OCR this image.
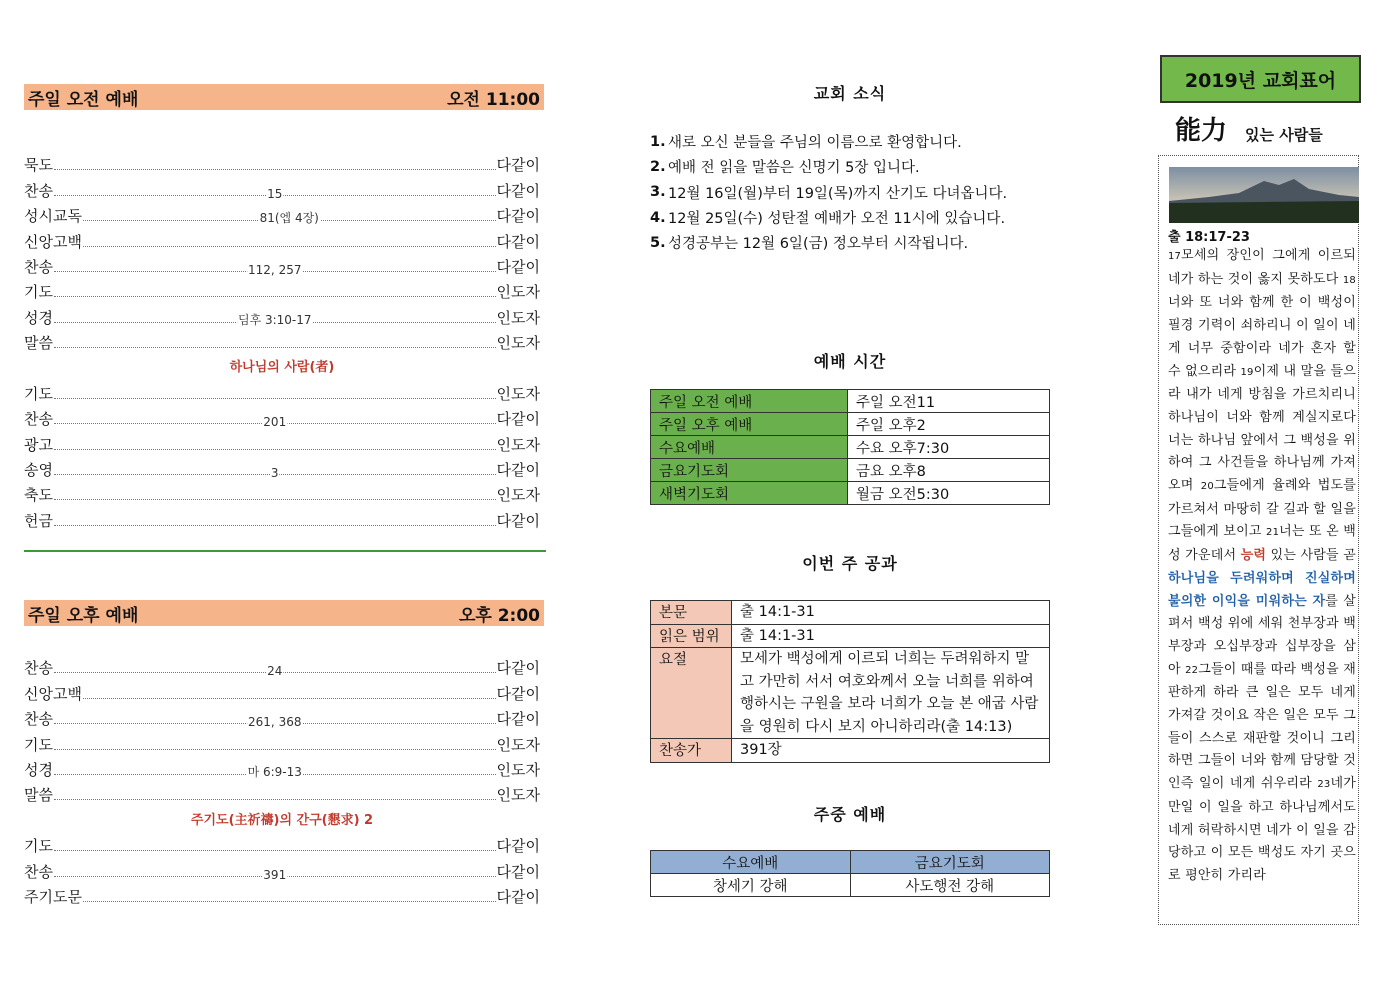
주일 오전 예배	오전 11:00
묵도	다같이
찬송	15	다같이
성시교독	81(엡 4장)	다같이
신앙고백	다같이
찬송	112, 257	다같이
기도	인도자
성경	딤후 3:10-17	인도자
말씀	인도자
하나님의 사람(者)
기도	인도자
찬송	201	다같이
광고	인도자
송영	3	다같이
축도	인도자
헌금	다같이
주일 오후 예배	오후 2:00
찬송	24	다같이
신앙고백	다같이
찬송	261, 368	다같이
기도	인도자
성경	마 6:9-13	인도자
말씀	인도자
주기도(主祈禱)의 간구(懇求) 2
기도	다같이
찬송	391	다같이
주기도문	다같이
교회 소식
1. 새로 오신 분들을 주님의 이름으로 환영합니다.
2. 예배 전 읽을 말씀은 신명기 5장 입니다.
3. 12월 16일(월)부터 19일(목)까지 산기도 다녀옵니다.
4. 12월 25일(수) 성탄절 예배가 오전 11시에 있습니다.
5. 성경공부는 12월 6일(금) 정오부터 시작됩니다.
예배 시간
주일 오전 예배	주일 오전11
주일 오후 예배	주일 오후2
수요예배	수요 오후7:30
금요기도회	금요 오후8
새벽기도회	월금 오전5:30
이번 주 공과
본문	출 14:1-31
읽은 범위	출 14:1-31
요절	모세가 백성에게 이르되 너희는 두려워하지 말고 가만히 서서 여호와께서 오늘 너희를 위하여 행하시는 구원을 보라 너희가 오늘 본 애굽 사람을 영원히 다시 보지 아니하리라(출 14:13)
찬송가	391장
주중 예배
수요예배	금요기도회
창세기 강해	사도행전 강해
2019년 교회표어
能力 있는 사람들
출 18:17-23
17모세의 장인이 그에게 이르되 네가 하는 것이 옳지 못하도다 18너와 또 너와 함께 한 이 백성이 필경 기력이 쇠하리니 이 일이 네게 너무 중함이라 네가 혼자 할 수 없으리라 19이제 내 말을 들으라 내가 네게 방침을 가르치리니 하나님이 너와 함께 계실지로다 너는 하나님 앞에서 그 백성을 위하여 그 사건들을 하나님께 가져오며 20그들에게 율례와 법도를 가르쳐서 마땅히 갈 길과 할 일을 그들에게 보이고 21너는 또 온 백성 가운데서 능력 있는 사람들 곧 하나님을 두려워하며 진실하며 불의한 이익을 미워하는 자를 살펴서 백성 위에 세워 천부장과 백부장과 오십부장과 십부장을 삼아 22그들이 때를 따라 백성을 재판하게 하라 큰 일은 모두 네게 가져갈 것이요 작은 일은 모두 그들이 스스로 재판할 것이니 그리하면 그들이 너와 함께 담당할 것인즉 일이 네게 쉬우리라 23네가 만일 이 일을 하고 하나님께서도 네게 허락하시면 네가 이 일을 감당하고 이 모든 백성도 자기 곳으로 평안히 가리라
